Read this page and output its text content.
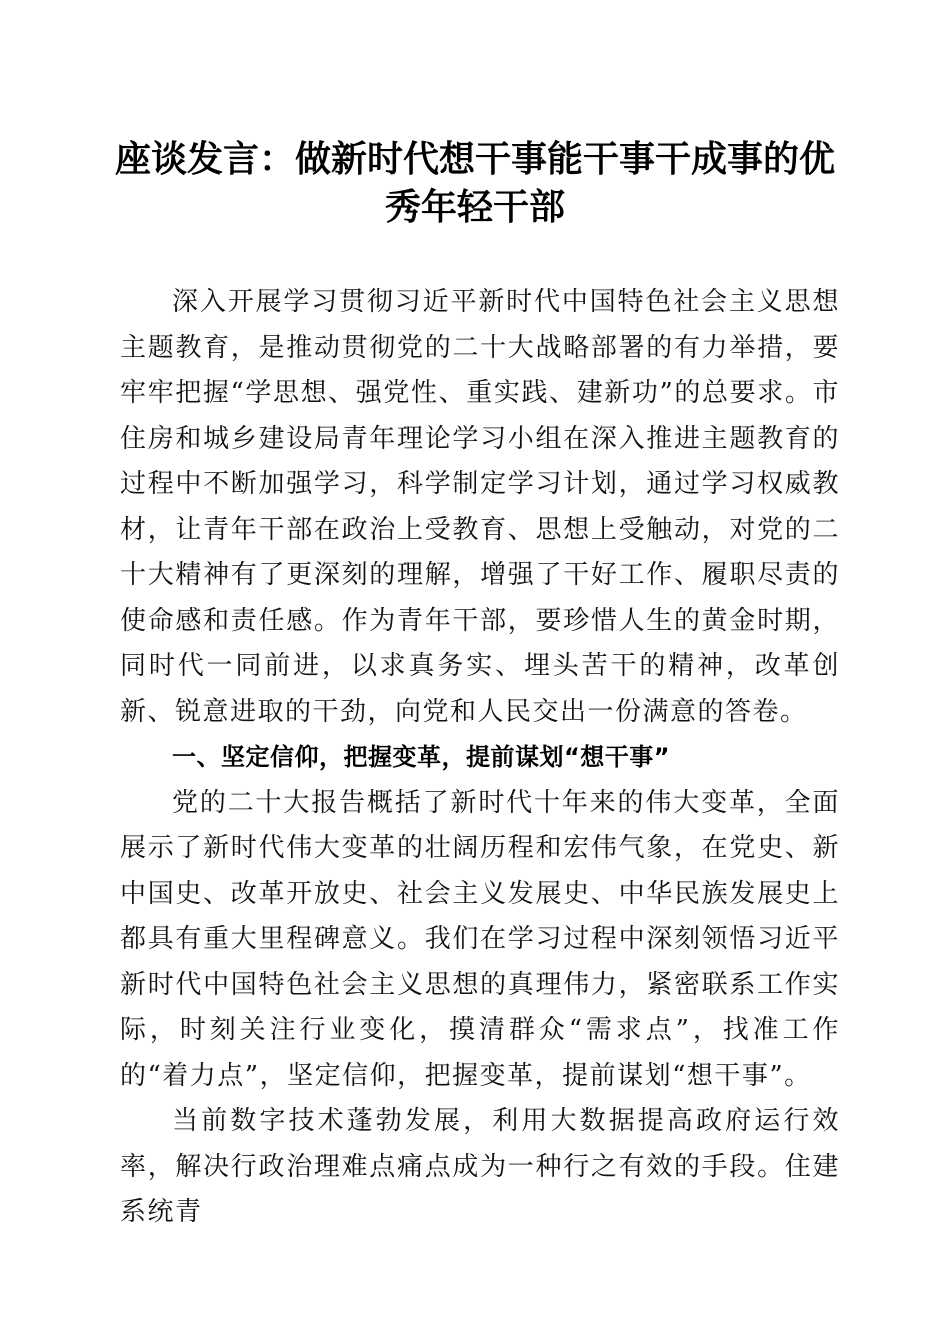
座谈发言：做新时代想干事能干事干成事的优
秀年轻干部

深入开展学习贯彻习近平新时代中国特色社会主义思想主题教育，是推动贯彻党的二十大战略部署的有力举措，要牢牢把握“学思想、强党性、重实践、建新功”的总要求。市住房和城乡建设局青年理论学习小组在深入推进主题教育的过程中不断加强学习，科学制定学习计划，通过学习权威教材，让青年干部在政治上受教育、思想上受触动，对党的二十大精神有了更深刻的理解，增强了干好工作、履职尽责的使命感和责任感。作为青年干部，要珍惜人生的黄金时期，同时代一同前进，以求真务实、埋头苦干的精神，改革创新、锐意进取的干劲，向党和人民交出一份满意的答卷。

一、坚定信仰，把握变革，提前谋划“想干事”

党的二十大报告概括了新时代十年来的伟大变革，全面展示了新时代伟大变革的壮阔历程和宏伟气象，在党史、新中国史、改革开放史、社会主义发展史、中华民族发展史上都具有重大里程碑意义。我们在学习过程中深刻领悟习近平新时代中国特色社会主义思想的真理伟力，紧密联系工作实际，时刻关注行业变化，摸清群众“需求点”，找准工作的“着力点”，坚定信仰，把握变革，提前谋划“想干事”。

当前数字技术蓬勃发展，利用大数据提高政府运行效率，解决行政治理难点痛点成为一种行之有效的手段。住建系统青
